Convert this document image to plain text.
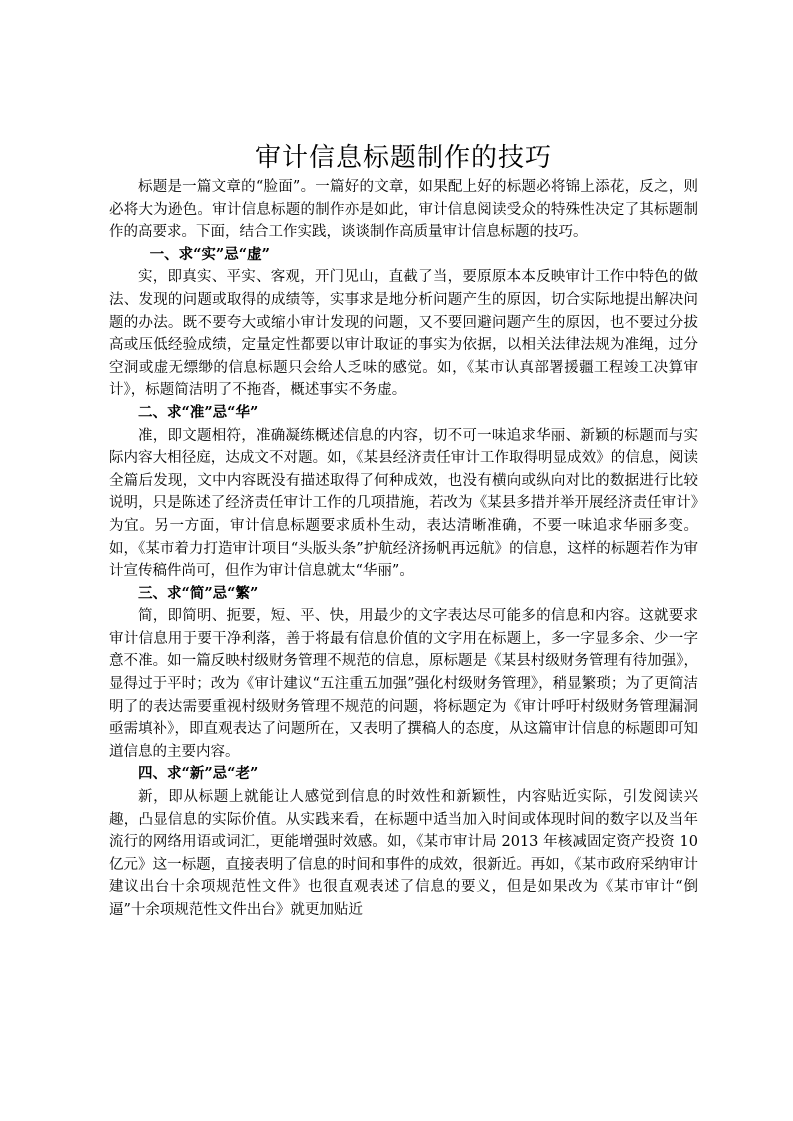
审计信息标题制作的技巧

标题是一篇文章的“脸面”。一篇好的文章，如果配上好的标题必将锦上添花，反之，则必将大为逊色。审计信息标题的制作亦是如此，审计信息阅读受众的特殊性决定了其标题制作的高要求。下面，结合工作实践，谈谈制作高质量审计信息标题的技巧。

一、求“实”忌“虚”

实，即真实、平实、客观，开门见山，直截了当，要原原本本反映审计工作中特色的做法、发现的问题或取得的成绩等，实事求是地分析问题产生的原因，切合实际地提出解决问题的办法。既不要夸大或缩小审计发现的问题，又不要回避问题产生的原因，也不要过分拔高或压低经验成绩，定量定性都要以审计取证的事实为依据，以相关法律法规为准绳，过分空洞或虚无缥缈的信息标题只会给人乏味的感觉。如，《某市认真部署援疆工程竣工决算审计》，标题简洁明了不拖沓，概述事实不务虚。

二、求“准”忌“华”

准，即文题相符，准确凝练概述信息的内容，切不可一味追求华丽、新颖的标题而与实际内容大相径庭，达成文不对题。如，《某县经济责任审计工作取得明显成效》的信息，阅读全篇后发现，文中内容既没有描述取得了何种成效，也没有横向或纵向对比的数据进行比较说明，只是陈述了经济责任审计工作的几项措施，若改为《某县多措并举开展经济责任审计》为宜。另一方面，审计信息标题要求质朴生动，表达清晰准确，不要一味追求华丽多变。如，《某市着力打造审计项目“头版头条”护航经济扬帆再远航》的信息，这样的标题若作为审计宣传稿件尚可，但作为审计信息就太“华丽”。

三、求“简”忌“繁”

简，即简明、扼要，短、平、快，用最少的文字表达尽可能多的信息和内容。这就要求审计信息用于要干净利落，善于将最有信息价值的文字用在标题上，多一字显多余、少一字意不准。如一篇反映村级财务管理不规范的信息，原标题是《某县村级财务管理有待加强》，显得过于平时；改为《审计建议“五注重五加强”强化村级财务管理》，稍显繁琐；为了更简洁明了的表达需要重视村级财务管理不规范的问题，将标题定为《审计呼吁村级财务管理漏洞亟需填补》，即直观表达了问题所在，又表明了撰稿人的态度，从这篇审计信息的标题即可知道信息的主要内容。

四、求“新”忌“老”

新，即从标题上就能让人感觉到信息的时效性和新颖性，内容贴近实际，引发阅读兴趣，凸显信息的实际价值。从实践来看，在标题中适当加入时间或体现时间的数字以及当年流行的网络用语或词汇，更能增强时效感。如，《某市审计局 2013 年核减固定资产投资 10 亿元》这一标题，直接表明了信息的时间和事件的成效，很新近。再如，《某市政府采纳审计建议出台十余项规范性文件》也很直观表述了信息的要义，但是如果改为《某市审计“倒逼”十余项规范性文件出台》就更加贴近
